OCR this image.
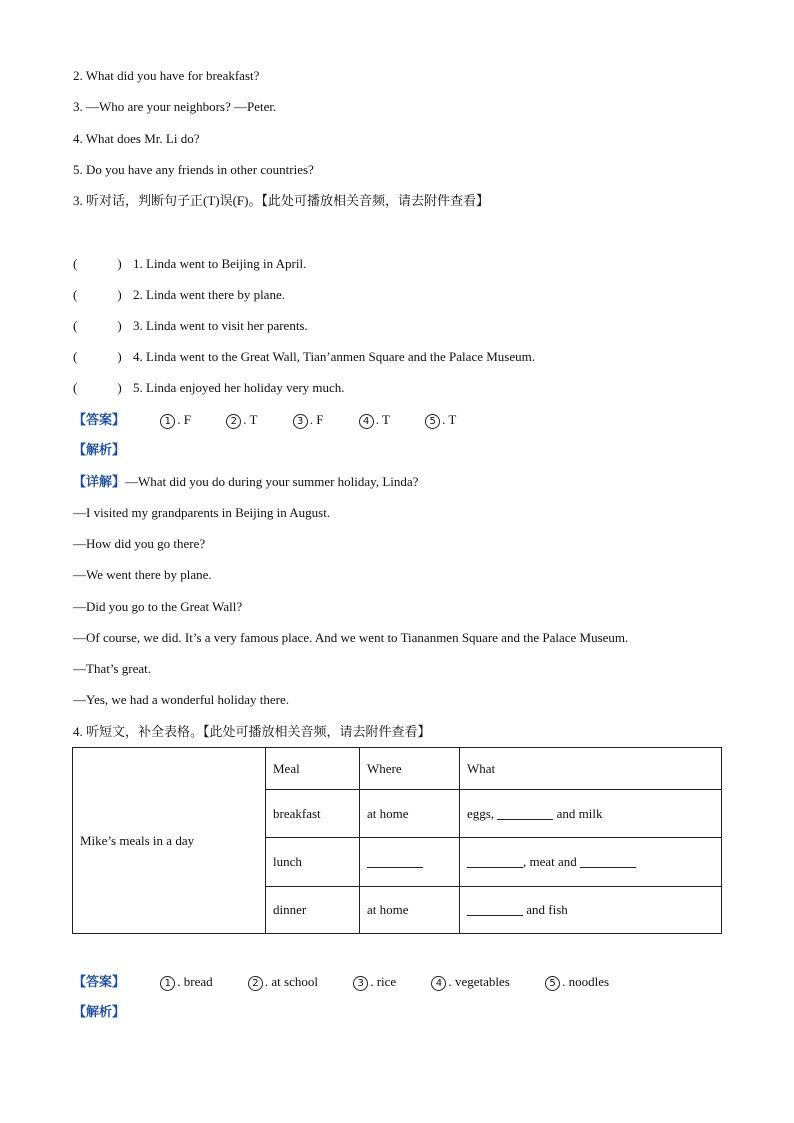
2. What did you have for breakfast?
3. —Who are your neighbors? —Peter.
4. What does Mr. Li do?
5. Do you have any friends in other countries?
3. 听对话，判断句子正(T)误(F)。【此处可播放相关音频，请去附件查看】
(	) 1. Linda went to Beijing in April.
(	) 2. Linda went there by plane.
(	) 3. Linda went to visit her parents.
(	) 4. Linda went to the Great Wall, Tian’anmen Square and the Palace Museum.
(	) 5. Linda enjoyed her holiday very much.
【答案】	1 . F	2 . T	3 . F	4 . T	5 . T
【解析】
【详解】—What did you do during your summer holiday, Linda?
—I visited my grandparents in Beijing in August.
—How did you go there?
—We went there by plane.
—Did you go to the Great Wall?
—Of course, we did. It’s a very famous place. And we went to Tiananmen Square and the Palace Museum.
—That’s great.
—Yes, we had a wonderful holiday there.
4. 听短文，补全表格。【此处可播放相关音频，请去附件查看】
Mike’s meals in a day	Meal	Where	What
	breakfast	at home	eggs, and milk
	lunch		, meat and
	dinner	at home	and fish
【答案】	1 . bread	2 . at school	3 . rice	4 . vegetables	5 . noodles
【解析】
